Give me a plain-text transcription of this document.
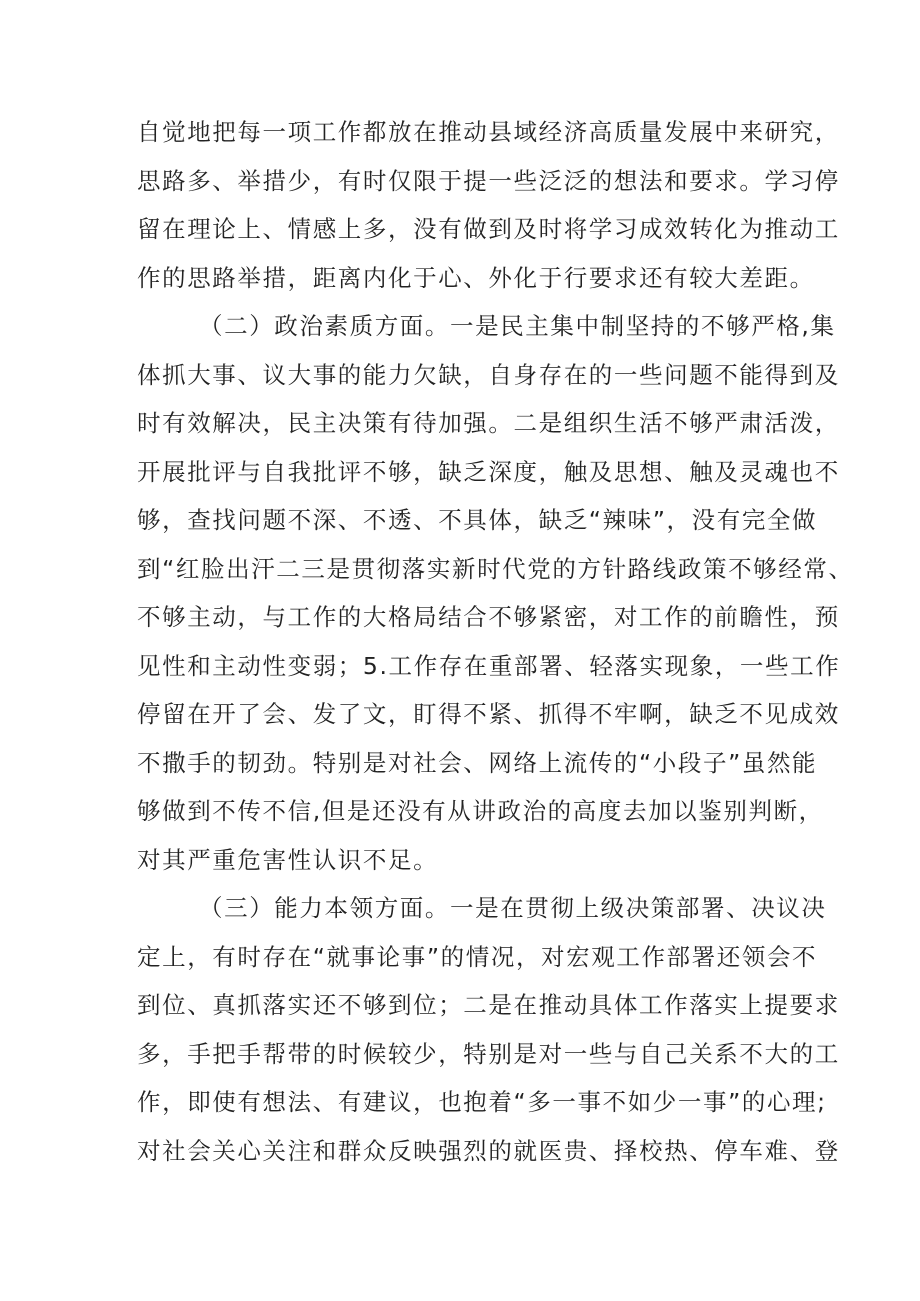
自觉地把每一项工作都放在推动县域经济高质量发展中来研究，
思路多、举措少，有时仅限于提一些泛泛的想法和要求。学习停
留在理论上、情感上多，没有做到及时将学习成效转化为推动工
作的思路举措，距离内化于心、外化于行要求还有较大差距。
（二）政治素质方面。一是民主集中制坚持的不够严格,集
体抓大事、议大事的能力欠缺，自身存在的一些问题不能得到及
时有效解决，民主决策有待加强。二是组织生活不够严肃活泼，
开展批评与自我批评不够，缺乏深度，触及思想、触及灵魂也不
够，查找问题不深、不透、不具体，缺乏“辣味”，没有完全做
到“红脸出汗二三是贯彻落实新时代党的方针路线政策不够经常、
不够主动，与工作的大格局结合不够紧密，对工作的前瞻性，预
见性和主动性变弱；5.工作存在重部署、轻落实现象，一些工作
停留在开了会、发了文，盯得不紧、抓得不牢啊，缺乏不见成效
不撒手的韧劲。特别是对社会、网络上流传的“小段子”虽然能
够做到不传不信,但是还没有从讲政治的高度去加以鉴别判断，
对其严重危害性认识不足。
（三）能力本领方面。一是在贯彻上级决策部署、决议决
定上，有时存在“就事论事”的情况，对宏观工作部署还领会不
到位、真抓落实还不够到位；二是在推动具体工作落实上提要求
多，手把手帮带的时候较少，特别是对一些与自己关系不大的工
作，即使有想法、有建议，也抱着“多一事不如少一事”的心理;
对社会关心关注和群众反映强烈的就医贵、择校热、停车难、登
